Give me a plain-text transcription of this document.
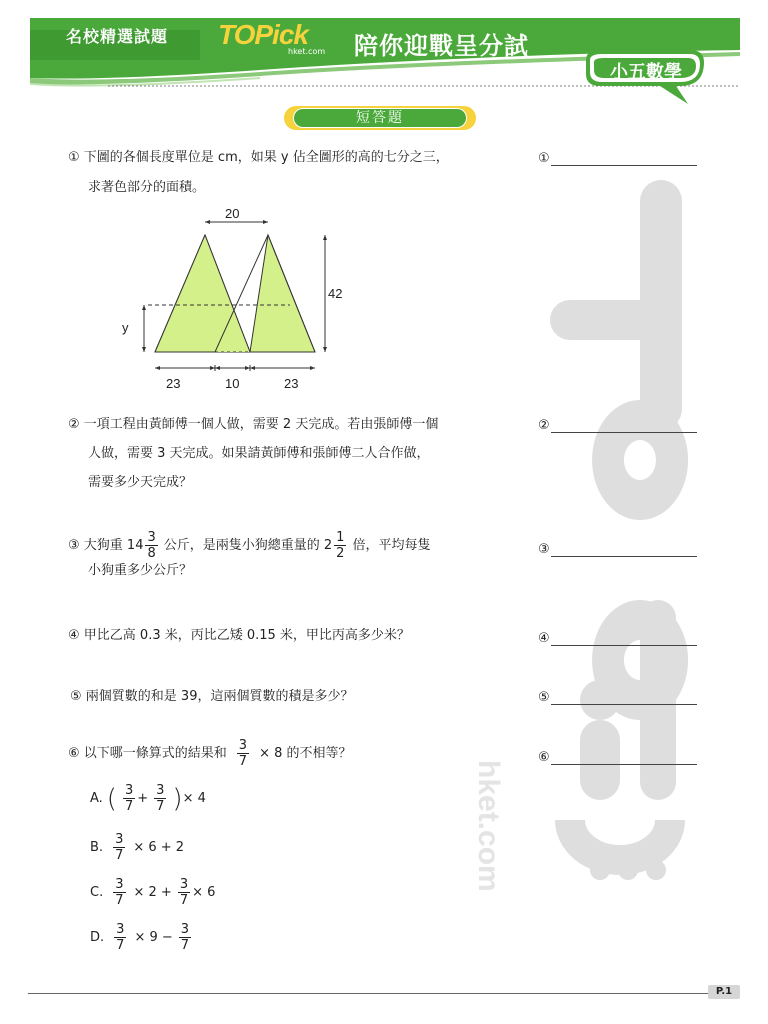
名校精選試題 TOPick
hket.com 陪你迎戰呈分試
小五數學
短答題
hket.com
TOPick
① 下圖的各個長度單位是 cm，如果 y 佔全圖形的高的七分之三，
求著色部分的面積。
20
42
y
23	10	23
② 一項工程由黃師傅一個人做，需要 2 天完成。若由張師傅一個
人做，需要 3 天完成。如果請黃師傅和張師傅二人合作做，
需要多少天完成？
③ 大狗重 $14 \frac{3}{8}$ 公斤，是兩隻小狗總重量的 $2 \frac{1}{2}$ 倍，平均每隻
小狗重多少公斤？
④ 甲比乙高 0.3 米，丙比乙矮 0.15 米，甲比丙高多少米？
⑤ 兩個質數的和是 39，這兩個質數的積是多少？
⑥ 以下哪一條算式的結果和 $\frac{3}{7} \times 8$ 的不相等？
A. ( $\frac{3}{7} + \frac{3}{7}$ ) × 4
B. $\frac{3}{7} \times 6 + 2$
C. $\frac{3}{7} \times 2 + \frac{3}{7} \times 6$
D. $\frac{3}{7} \times 9 - \frac{3}{7}$
①
②
③
④
⑤
⑥
P.1
